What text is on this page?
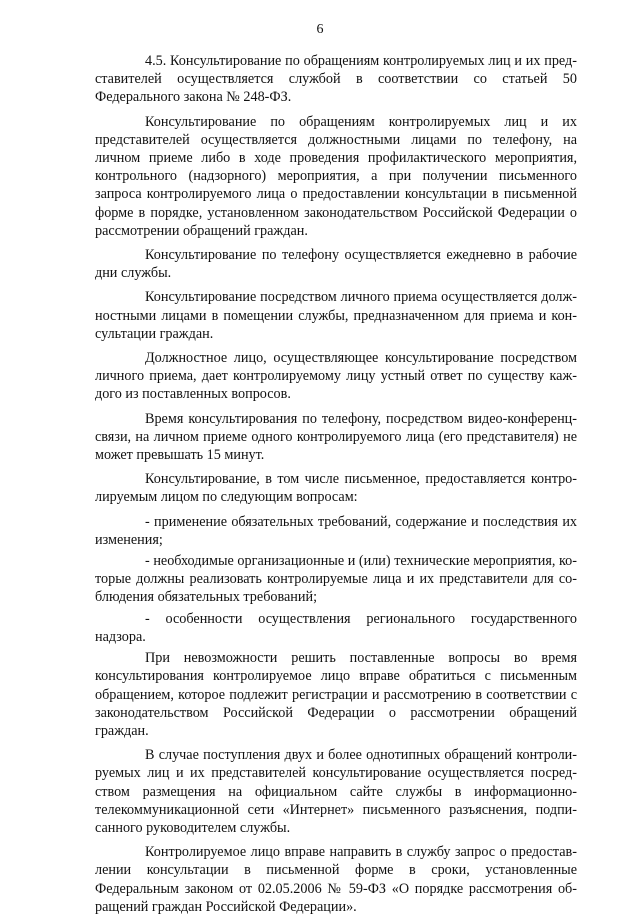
6

4.5. Консультирование по обращениям контролируемых лиц и их представителей осуществляется службой в соответствии со статьей 50 Федерального закона № 248-ФЗ.

Консультирование по обращениям контролируемых лиц и их представителей осуществляется должностными лицами по телефону, на личном приеме либо в ходе проведения профилактического мероприятия, контрольного (надзорного) мероприятия, а при получении письменного запроса контролируемого лица о предоставлении консультации в письменной форме в порядке, установленном законодательством Российской Федерации о рассмотрении обращений граждан.

Консультирование по телефону осуществляется ежедневно в рабочие дни службы.

Консультирование посредством личного приема осуществляется должностными лицами в помещении службы, предназначенном для приема и консультации граждан.

Должностное лицо, осуществляющее консультирование посредством личного приема, дает контролируемому лицу устный ответ по существу каждого из поставленных вопросов.

Время консультирования по телефону, посредством видео-конференцсвязи, на личном приеме одного контролируемого лица (его представителя) не может превышать 15 минут.

Консультирование, в том числе письменное, предоставляется контролируемым лицом по следующим вопросам:

- применение обязательных требований, содержание и последствия их изменения;

- необходимые организационные и (или) технические мероприятия, которые должны реализовать контролируемые лица и их представители для соблюдения обязательных требований;

- особенности осуществления регионального государственного надзора.

При невозможности решить поставленные вопросы во время консультирования контролируемое лицо вправе обратиться с письменным обращением, которое подлежит регистрации и рассмотрению в соответствии с законодательством Российской Федерации о рассмотрении обращений граждан.

В случае поступления двух и более однотипных обращений контролируемых лиц и их представителей консультирование осуществляется посредством размещения на официальном сайте службы в информационно-телекоммуникационной сети «Интернет» письменного разъяснения, подписанного руководителем службы.

Контролируемое лицо вправе направить в службу запрос о предоставлении консультации в письменной форме в сроки, установленные Федеральным законом от 02.05.2006 № 59-ФЗ «О порядке рассмотрения обращений граждан Российской Федерации».
